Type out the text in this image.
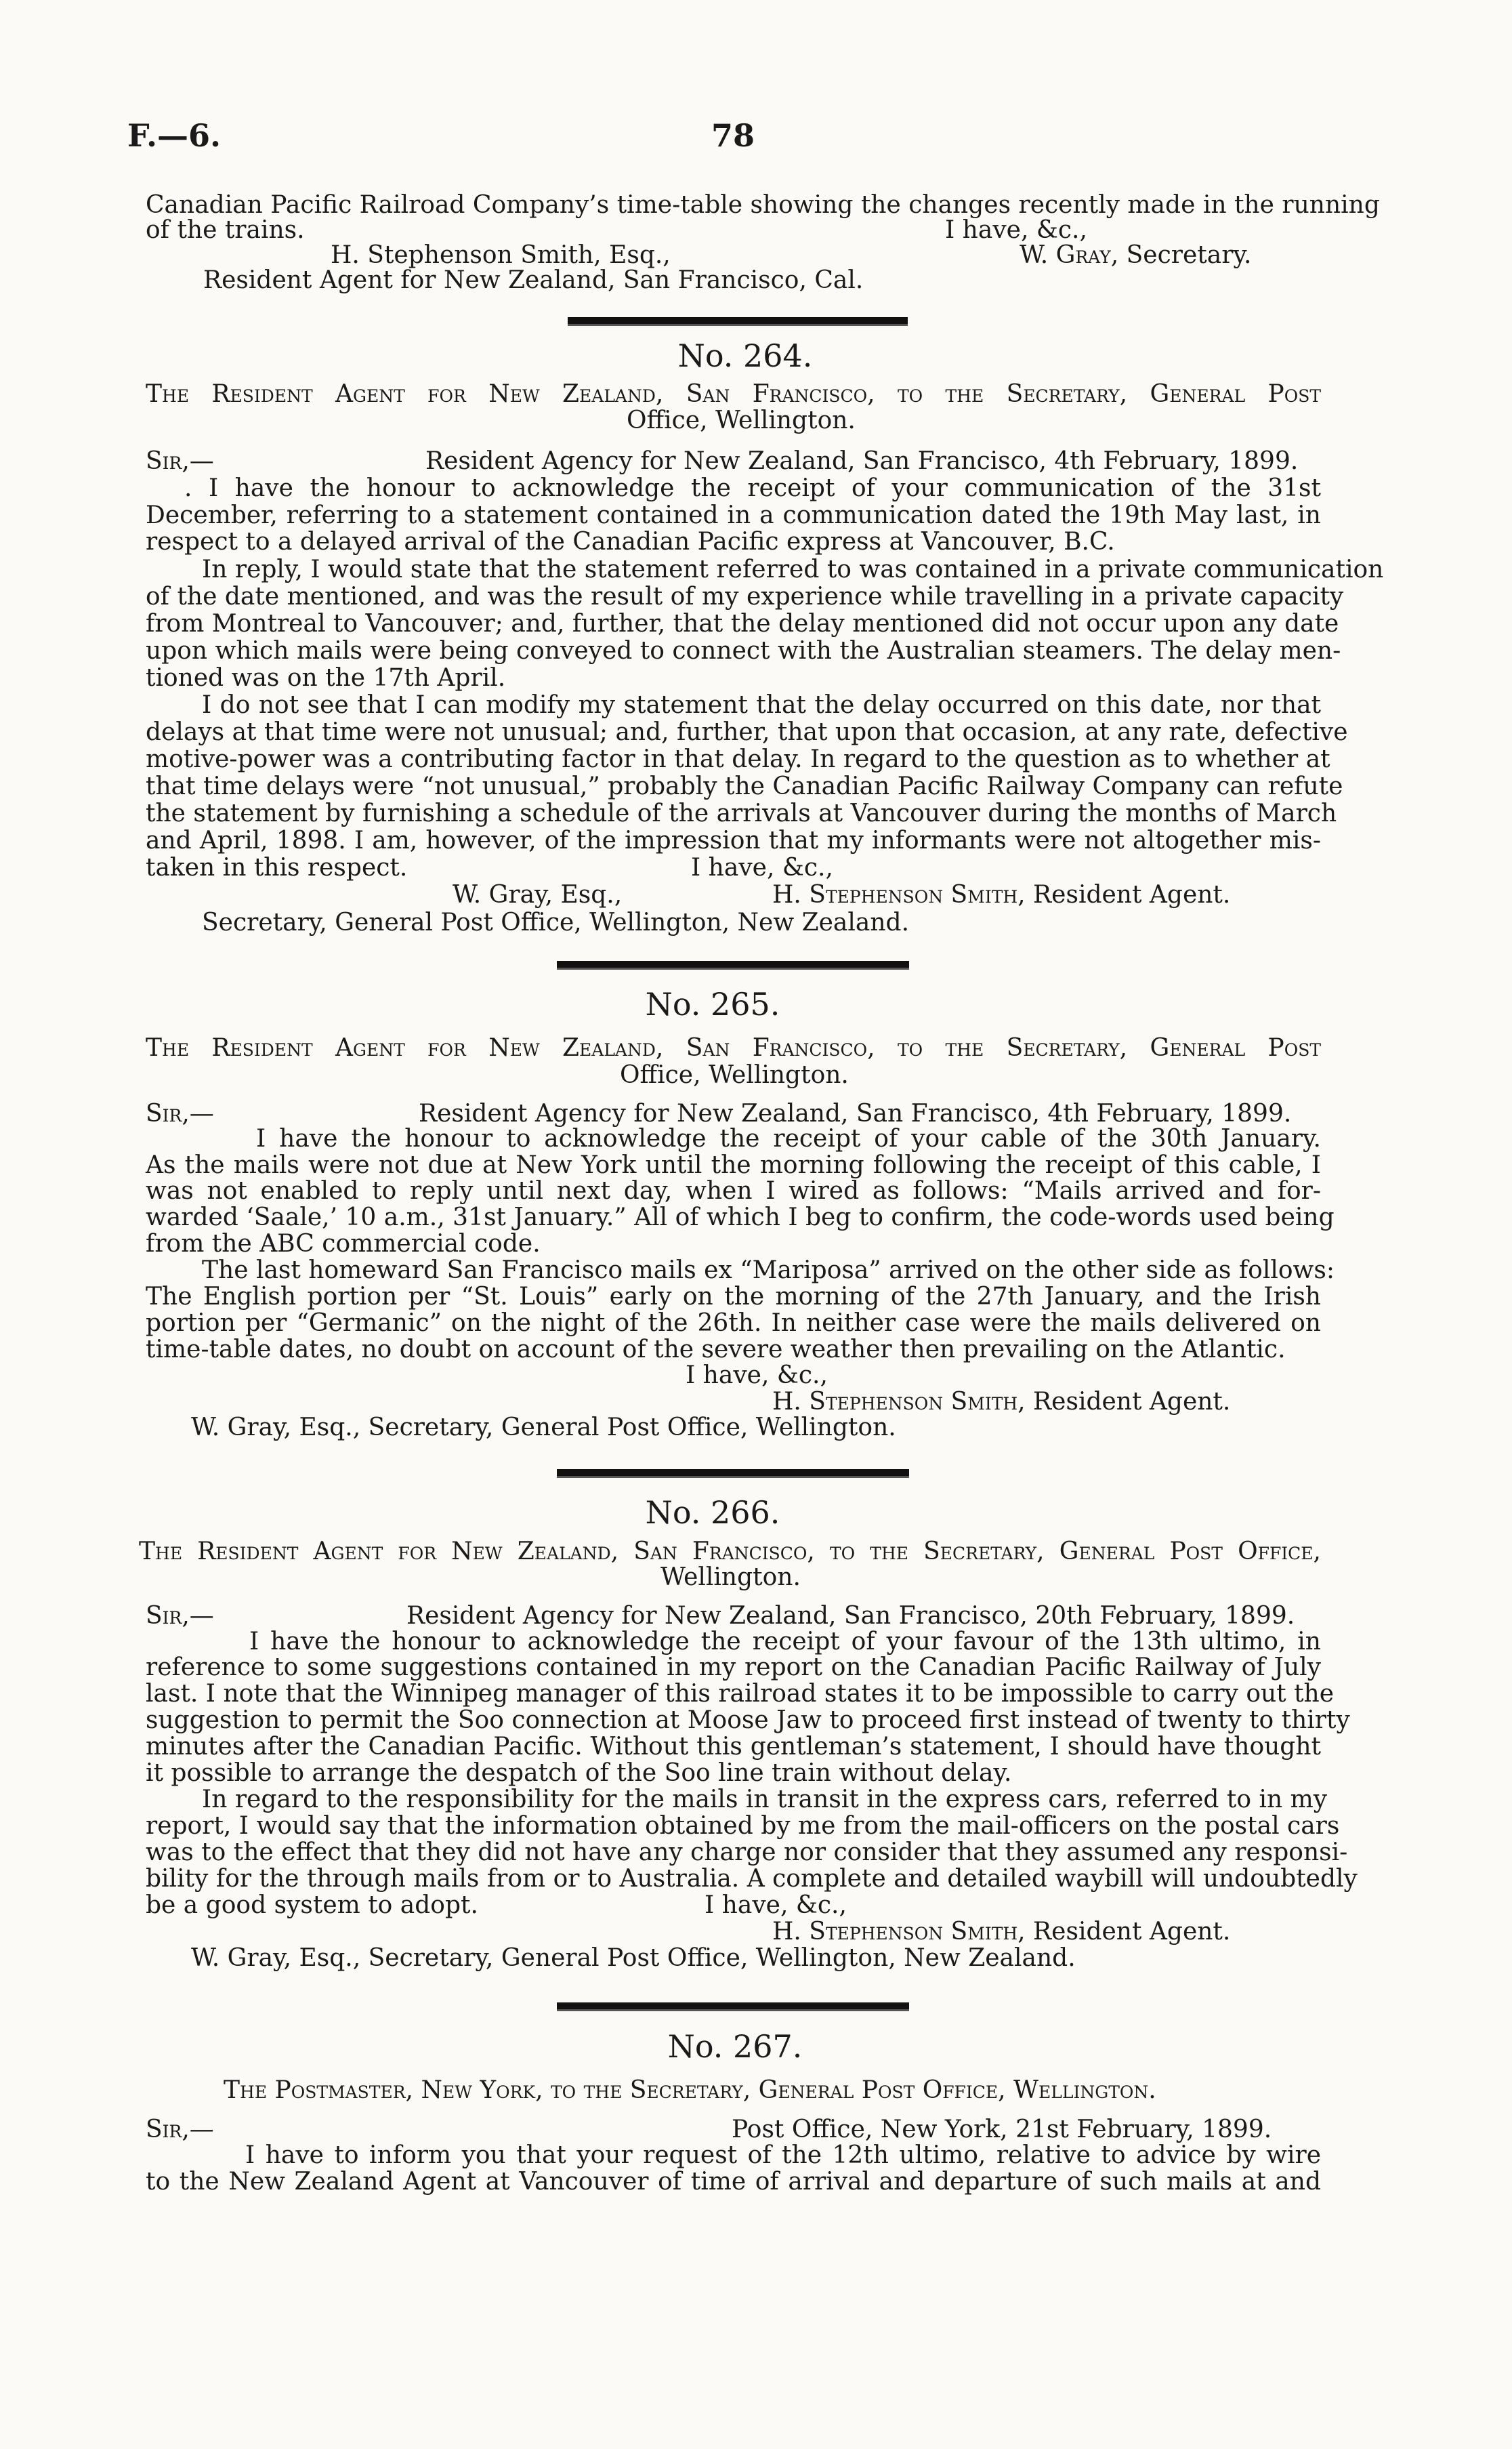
F.—6.	78
Canadian Pacific Railroad Company’s time-table showing the changes recently made in the running
of the trains.	I have, &c.,
H. Stephenson Smith, Esq.,	W. Gray, Secretary.
Resident Agent for New Zealand, San Francisco, Cal.
No. 264.
The Resident Agent for New Zealand, San Francisco, to the Secretary, General Post
Office, Wellington.
Sir,—	Resident Agency for New Zealand, San Francisco, 4th February, 1899.
. I have the honour to acknowledge the receipt of your communication of the 31st
December, referring to a statement contained in a communication dated the 19th May last, in
respect to a delayed arrival of the Canadian Pacific express at Vancouver, B.C.
In reply, I would state that the statement referred to was contained in a private communication
of the date mentioned, and was the result of my experience while travelling in a private capacity
from Montreal to Vancouver; and, further, that the delay mentioned did not occur upon any date
upon which mails were being conveyed to connect with the Australian steamers. The delay men-
tioned was on the 17th April.
I do not see that I can modify my statement that the delay occurred on this date, nor that
delays at that time were not unusual; and, further, that upon that occasion, at any rate, defective
motive-power was a contributing factor in that delay. In regard to the question as to whether at
that time delays were “not unusual,” probably the Canadian Pacific Railway Company can refute
the statement by furnishing a schedule of the arrivals at Vancouver during the months of March
and April, 1898. I am, however, of the impression that my informants were not altogether mis-
taken in this respect.	I have, &c.,
W. Gray, Esq.,	H. Stephenson Smith, Resident Agent.
Secretary, General Post Office, Wellington, New Zealand.
No. 265.
The Resident Agent for New Zealand, San Francisco, to the Secretary, General Post
Office, Wellington.
Sir,—	Resident Agency for New Zealand, San Francisco, 4th February, 1899.
I have the honour to acknowledge the receipt of your cable of the 30th January.
As the mails were not due at New York until the morning following the receipt of this cable, I
was not enabled to reply until next day, when I wired as follows: “Mails arrived and for-
warded ‘Saale,’ 10 a.m., 31st January.” All of which I beg to confirm, the code-words used being
from the ABC commercial code.
The last homeward San Francisco mails ex “Mariposa” arrived on the other side as follows:
The English portion per “St. Louis” early on the morning of the 27th January, and the Irish
portion per “Germanic” on the night of the 26th. In neither case were the mails delivered on
time-table dates, no doubt on account of the severe weather then prevailing on the Atlantic.
I have, &c.,
H. Stephenson Smith, Resident Agent.
W. Gray, Esq., Secretary, General Post Office, Wellington.
No. 266.
The Resident Agent for New Zealand, San Francisco, to the Secretary, General Post Office,
Wellington.
Sir,—	Resident Agency for New Zealand, San Francisco, 20th February, 1899.
I have the honour to acknowledge the receipt of your favour of the 13th ultimo, in
reference to some suggestions contained in my report on the Canadian Pacific Railway of July
last. I note that the Winnipeg manager of this railroad states it to be impossible to carry out the
suggestion to permit the Soo connection at Moose Jaw to proceed first instead of twenty to thirty
minutes after the Canadian Pacific. Without this gentleman’s statement, I should have thought
it possible to arrange the despatch of the Soo line train without delay.
In regard to the responsibility for the mails in transit in the express cars, referred to in my
report, I would say that the information obtained by me from the mail-officers on the postal cars
was to the effect that they did not have any charge nor consider that they assumed any responsi-
bility for the through mails from or to Australia. A complete and detailed waybill will undoubtedly
be a good system to adopt.	I have, &c.,
H. Stephenson Smith, Resident Agent.
W. Gray, Esq., Secretary, General Post Office, Wellington, New Zealand.
No. 267.
The Postmaster, New York, to the Secretary, General Post Office, Wellington.
Sir,—	Post Office, New York, 21st February, 1899.
I have to inform you that your request of the 12th ultimo, relative to advice by wire
to the New Zealand Agent at Vancouver of time of arrival and departure of such mails at and
